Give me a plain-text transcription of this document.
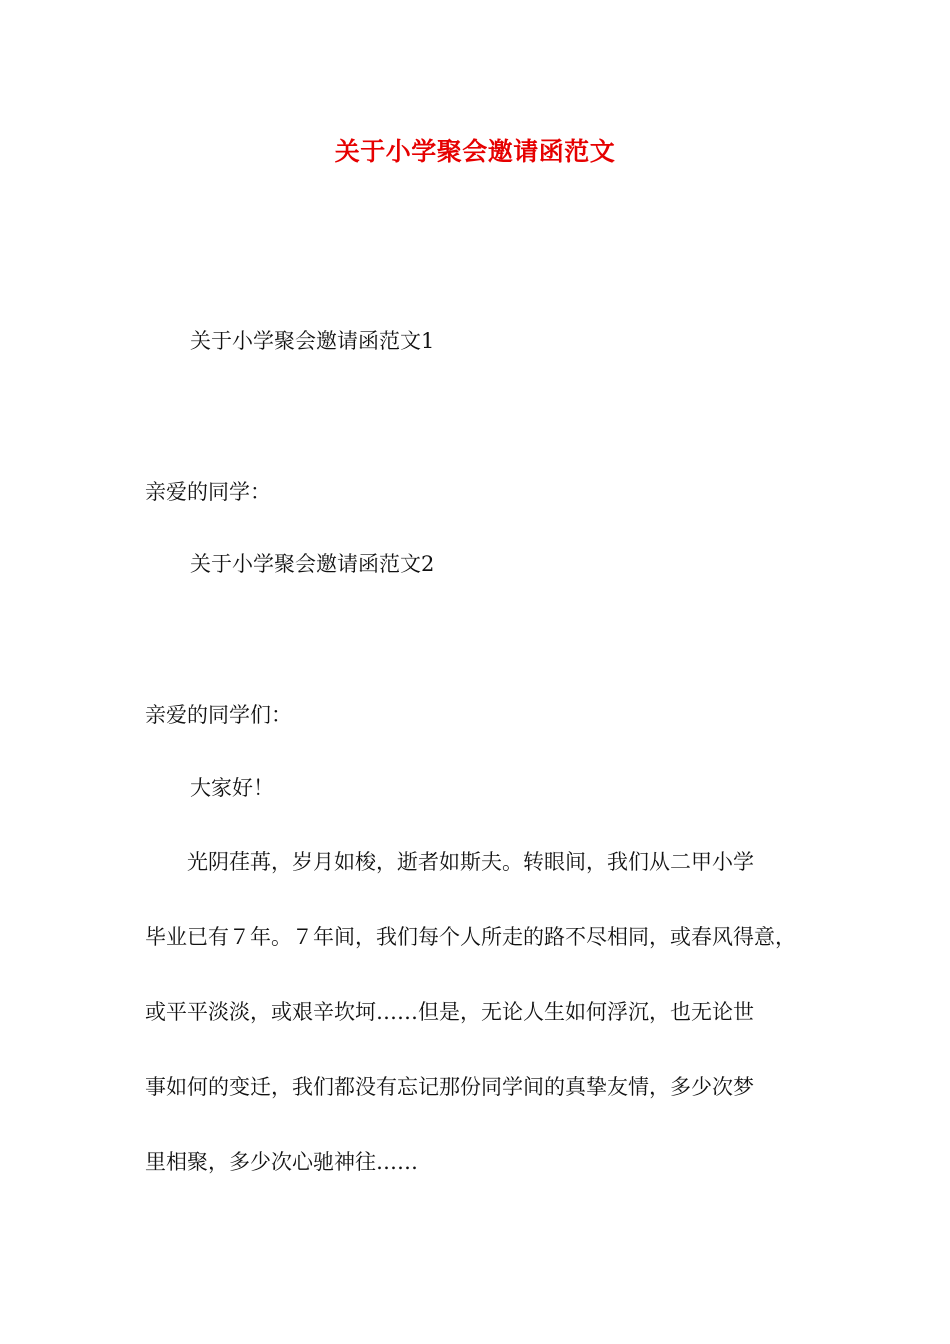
关于小学聚会邀请函范文

关于小学聚会邀请函范文1

亲爱的同学：

关于小学聚会邀请函范文2

亲爱的同学们：

大家好！

　　光阴荏苒，岁月如梭，逝者如斯夫。转眼间，我们从二甲小学
毕业已有７年。７年间，我们每个人所走的路不尽相同，或春风得意，
或平平淡淡，或艰辛坎坷……但是，无论人生如何浮沉，也无论世
事如何的变迁，我们都没有忘记那份同学间的真挚友情，多少次梦
里相聚，多少次心驰神往……
